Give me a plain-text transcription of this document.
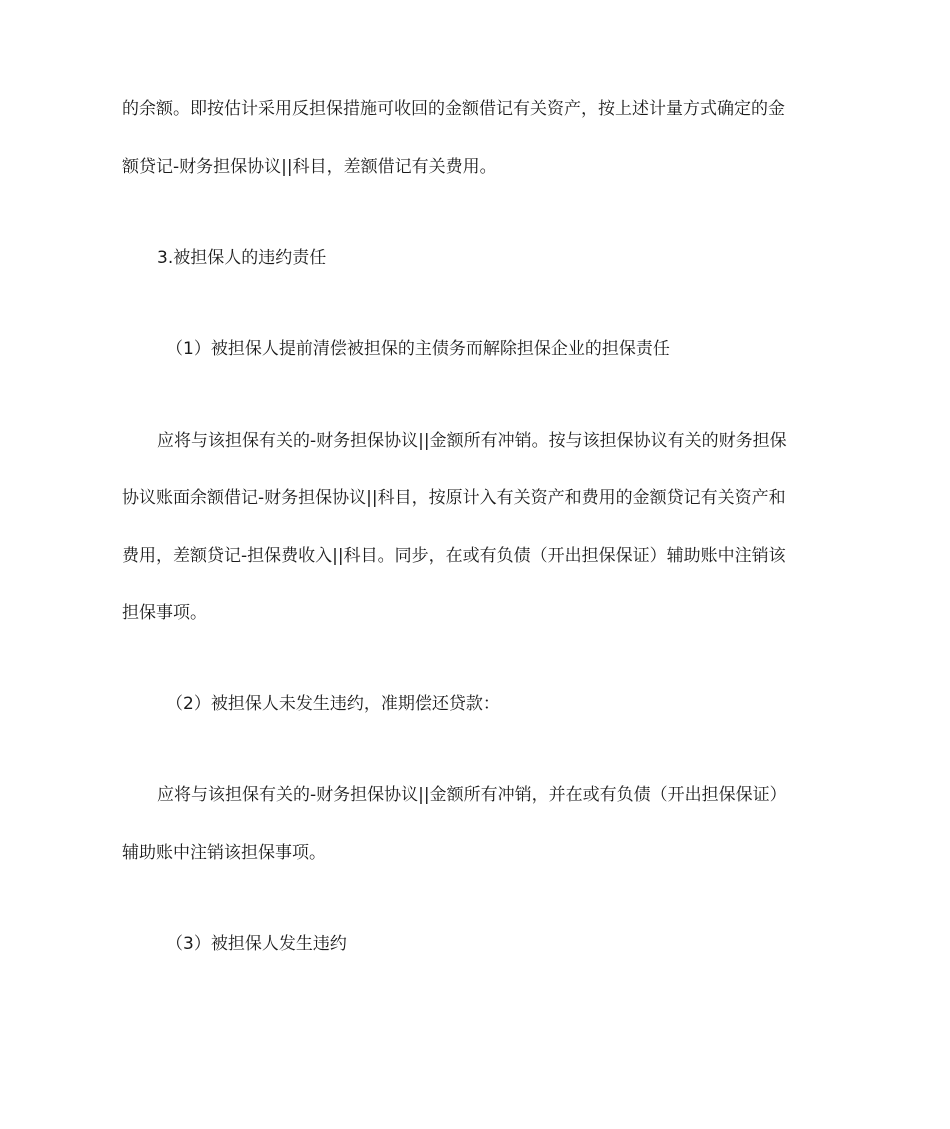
的余额。即按估计采用反担保措施可收回的金额借记有关资产，按上述计量方式确定的金
额贷记-财务担保协议||科目，差额借记有关费用。
3.被担保人的违约责任
（1）被担保人提前清偿被担保的主债务而解除担保企业的担保责任
应将与该担保有关的-财务担保协议||金额所有冲销。按与该担保协议有关的财务担保
协议账面余额借记-财务担保协议||科目，按原计入有关资产和费用的金额贷记有关资产和
费用，差额贷记-担保费收入||科目。同步，在或有负债（开出担保保证）辅助账中注销该
担保事项。
（2）被担保人未发生违约，准期偿还贷款：
应将与该担保有关的-财务担保协议||金额所有冲销，并在或有负债（开出担保保证）
辅助账中注销该担保事项。
（3）被担保人发生违约
